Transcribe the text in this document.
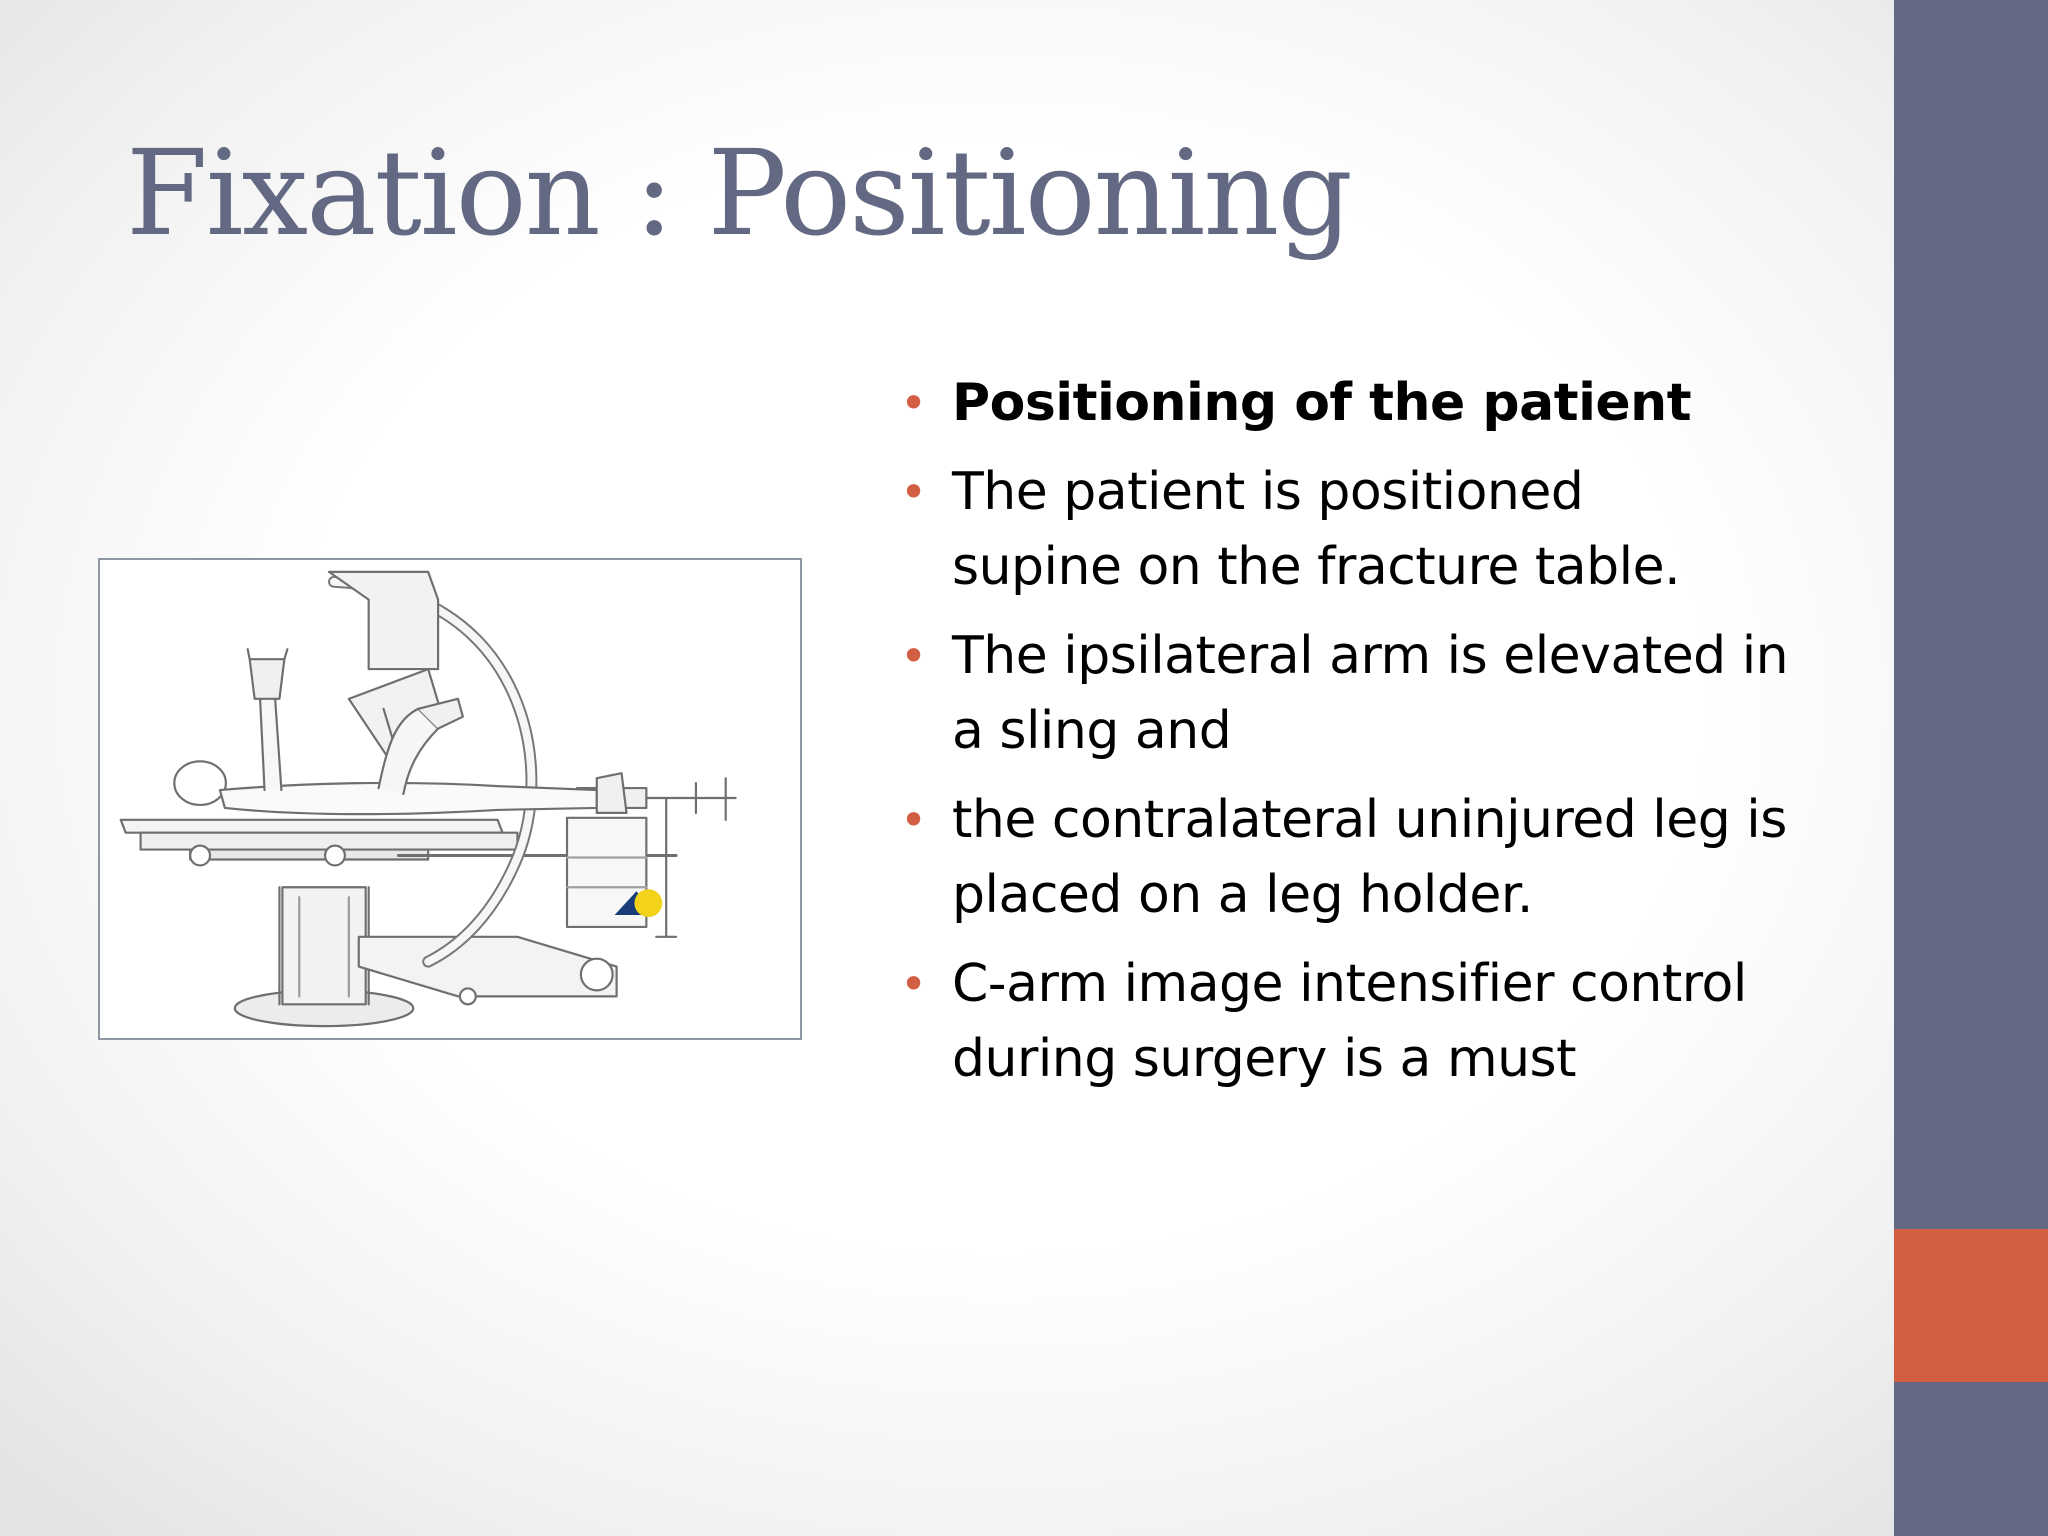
Fixation : Positioning
• Positioning of the patient
• The patient is positioned
supine on the fracture table.
• The ipsilateral arm is elevated in
a sling and
• the contralateral uninjured leg is
placed on a leg holder.
• C-arm image intensifier control
during surgery is a must
